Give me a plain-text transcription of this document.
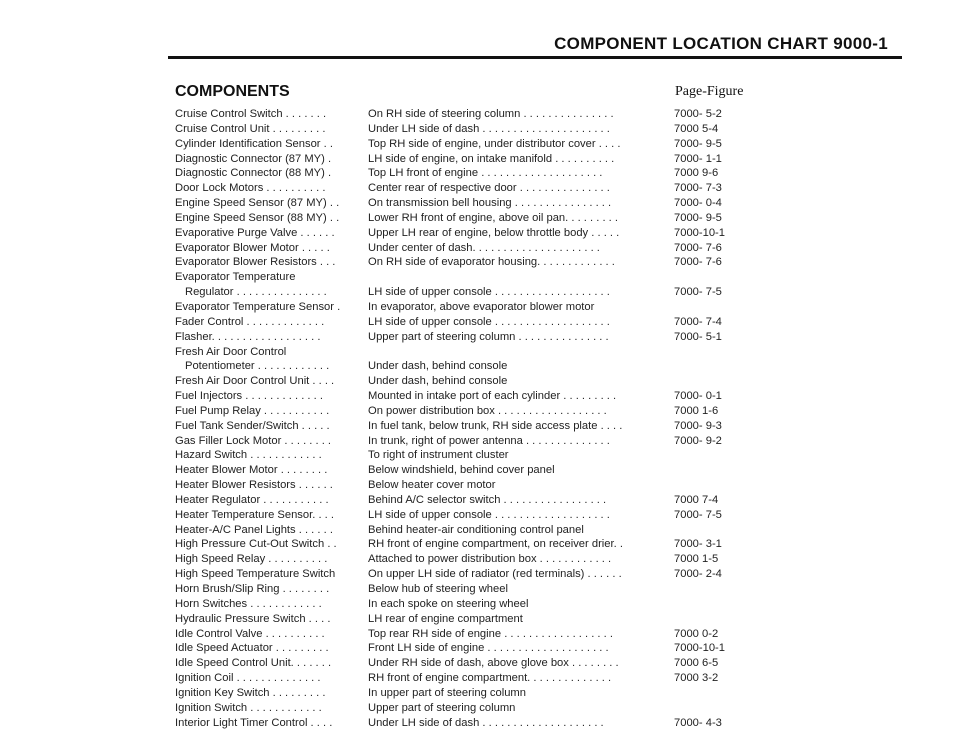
COMPONENT LOCATION CHART 9000-1
COMPONENTS	Page-Figure
Cruise Control Switch . . . . . . .	On RH side of steering column . . . . . . . . . . . . . . .	7000- 5-2
Cruise Control Unit . . . . . . . . .	Under LH side of dash . . . . . . . . . . . . . . . . . . . . .	7000 5-4
Cylinder Identification Sensor . .	Top RH side of engine, under distributor cover . . . .	7000- 9-5
Diagnostic Connector (87 MY) .	LH side of engine, on intake manifold . . . . . . . . . .	7000- 1-1
Diagnostic Connector (88 MY) .	Top LH front of engine . . . . . . . . . . . . . . . . . . . .	7000 9-6
Door Lock Motors . . . . . . . . . .	Center rear of respective door . . . . . . . . . . . . . . .	7000- 7-3
Engine Speed Sensor (87 MY) . .	On transmission bell housing . . . . . . . . . . . . . . . .	7000- 0-4
Engine Speed Sensor (88 MY) . .	Lower RH front of engine, above oil pan. . . . . . . . .	7000- 9-5
Evaporative Purge Valve . . . . . .	Upper LH rear of engine, below throttle body . . . . .	7000-10-1
Evaporator Blower Motor . . . . .	Under center of dash. . . . . . . . . . . . . . . . . . . . .	7000- 7-6
Evaporator Blower Resistors . . .	On RH side of evaporator housing. . . . . . . . . . . . .	7000- 7-6
Evaporator Temperature
Regulator . . . . . . . . . . . . . . .	LH side of upper console . . . . . . . . . . . . . . . . . . .	7000- 7-5
Evaporator Temperature Sensor .	In evaporator, above evaporator blower motor
Fader Control . . . . . . . . . . . . .	LH side of upper console . . . . . . . . . . . . . . . . . . .	7000- 7-4
Flasher. . . . . . . . . . . . . . . . . .	Upper part of steering column . . . . . . . . . . . . . . .	7000- 5-1
Fresh Air Door Control
Potentiometer . . . . . . . . . . . .	Under dash, behind console
Fresh Air Door Control Unit . . . .	Under dash, behind console
Fuel Injectors . . . . . . . . . . . . .	Mounted in intake port of each cylinder . . . . . . . . .	7000- 0-1
Fuel Pump Relay . . . . . . . . . . .	On power distribution box . . . . . . . . . . . . . . . . . .	7000 1-6
Fuel Tank Sender/Switch . . . . .	In fuel tank, below trunk, RH side access plate . . . .	7000- 9-3
Gas Filler Lock Motor . . . . . . . .	In trunk, right of power antenna . . . . . . . . . . . . . .	7000- 9-2
Hazard Switch . . . . . . . . . . . .	To right of instrument cluster
Heater Blower Motor . . . . . . . .	Below windshield, behind cover panel
Heater Blower Resistors . . . . . .	Below heater cover motor
Heater Regulator . . . . . . . . . . .	Behind A/C selector switch . . . . . . . . . . . . . . . . .	7000 7-4
Heater Temperature Sensor. . . .	LH side of upper console . . . . . . . . . . . . . . . . . . .	7000- 7-5
Heater-A/C Panel Lights . . . . . .	Behind heater-air conditioning control panel
High Pressure Cut-Out Switch . .	RH front of engine compartment, on receiver drier. .	7000- 3-1
High Speed Relay . . . . . . . . . .	Attached to power distribution box . . . . . . . . . . . .	7000 1-5
High Speed Temperature Switch	On upper LH side of radiator (red terminals) . . . . . .	7000- 2-4
Horn Brush/Slip Ring . . . . . . . .	Below hub of steering wheel
Horn Switches . . . . . . . . . . . .	In each spoke on steering wheel
Hydraulic Pressure Switch . . . .	LH rear of engine compartment
Idle Control Valve . . . . . . . . . .	Top rear RH side of engine . . . . . . . . . . . . . . . . . .	7000 0-2
Idle Speed Actuator . . . . . . . . .	Front LH side of engine . . . . . . . . . . . . . . . . . . . .	7000-10-1
Idle Speed Control Unit. . . . . . .	Under RH side of dash, above glove box . . . . . . . .	7000 6-5
Ignition Coil . . . . . . . . . . . . . .	RH front of engine compartment. . . . . . . . . . . . . .	7000 3-2
Ignition Key Switch . . . . . . . . .	In upper part of steering column
Ignition Switch . . . . . . . . . . . .	Upper part of steering column
Interior Light Timer Control . . . .	Under LH side of dash . . . . . . . . . . . . . . . . . . . .	7000- 4-3
